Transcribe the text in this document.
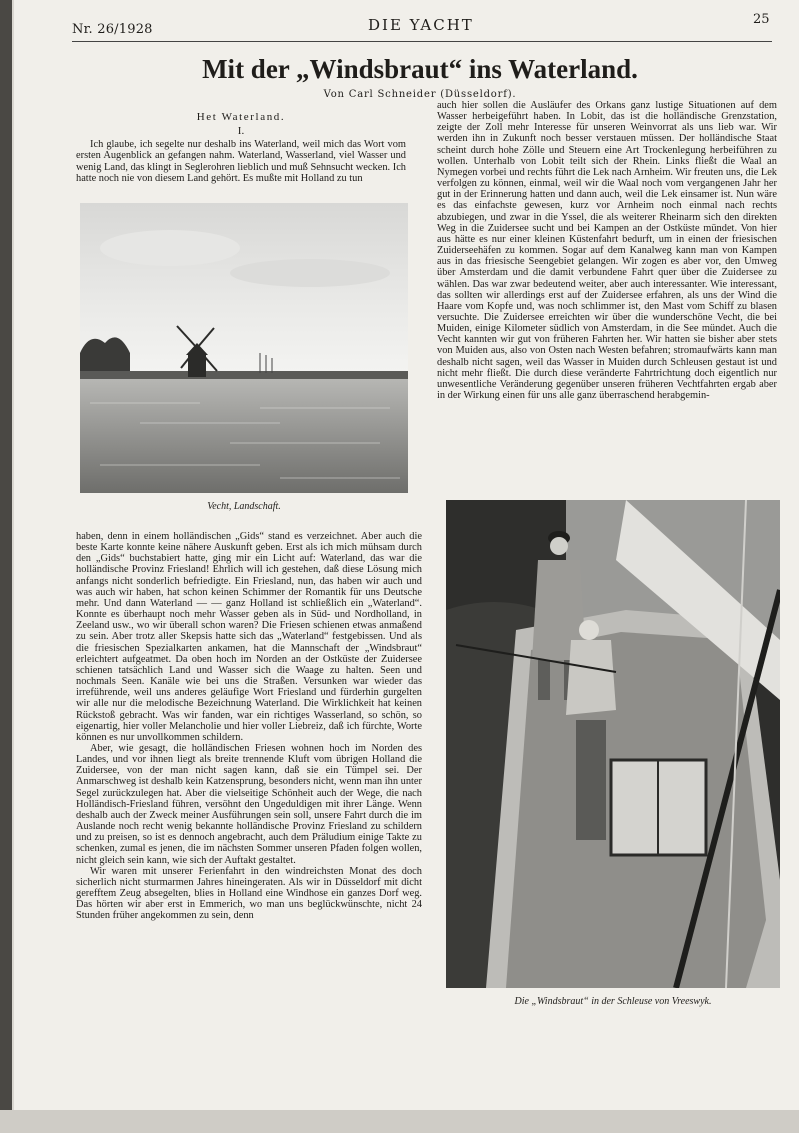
Nr. 26/1928	DIE YACHT	25
Mit der „Windsbraut“ ins Waterland.
Von Carl Schneider (Düsseldorf).
Het Waterland.
I.

Ich glaube, ich segelte nur deshalb ins Waterland, weil mich das Wort vom ersten Augenblick an gefangen nahm. Waterland, Wasserland, viel Wasser und wenig Land, das klingt in Seglerohren lieblich und muß Sehnsucht wecken. Ich hatte noch nie von diesem Land gehört. Es mußte mit Holland zu tun

Vecht, Landschaft.

haben, denn in einem holländischen „Gids“ stand es verzeichnet. Aber auch die beste Karte konnte keine nähere Auskunft geben. Erst als ich mich mühsam durch den „Gids“ buchstabiert hatte, ging mir ein Licht auf: Waterland, das war die holländische Provinz Friesland! Ehrlich will ich gestehen, daß diese Lösung mich anfangs nicht sonderlich befriedigte. Ein Friesland, nun, das haben wir auch und was auch wir haben, hat schon keinen Schimmer der Romantik für uns Deutsche mehr. Und dann Waterland — — ganz Holland ist schließlich ein „Waterland“. Konnte es überhaupt noch mehr Wasser geben als in Süd- und Nordholland, in Zeeland usw., wo wir überall schon waren? Die Friesen schienen etwas anmaßend zu sein. Aber trotz aller Skepsis hatte sich das „Waterland“ festgebissen. Und als die friesischen Spezialkarten ankamen, hat die Mannschaft der „Windsbraut“ erleichtert aufgeatmet. Da oben hoch im Norden an der Ostküste der Zuiderseе schienen tatsächlich Land und Wasser sich die Waage zu halten. Seen und nochmals Seen. Kanäle wie bei uns die Straßen. Versunken war wieder das irreführende, weil uns anderes geläufige Wort Friesland und fürderhin gurgelten wir alle nur die melodische Bezeichnung Waterland. Die Wirklichkeit hat keinen Rückstoß gebracht. Was wir fanden, war ein richtiges Wasserland, so schön, so eigenartig, hier voller Melancholie und hier voller Liebreiz, daß ich fürchte, Worte können es nur unvollkommen schildern.

Aber, wie gesagt, die holländischen Friesen wohnen hoch im Norden des Landes, und vor ihnen liegt als breite trennende Kluft vom übrigen Holland die Zuiderseе, von der man nicht sagen kann, daß sie ein Tümpel sei. Der Anmarschweg ist deshalb kein Katzensprung, besonders nicht, wenn man ihn unter Segel zurückzulegen hat. Aber die vielseitige Schönheit auch der Wege, die nach Holländisch-Friesland führen, versöhnt den Ungeduldigen mit ihrer Länge. Wenn deshalb auch der Zweck meiner Ausführungen sein soll, unsere Fahrt durch die im Auslande noch recht wenig bekannte holländische Provinz Friesland zu schildern und zu preisen, so ist es dennoch angebracht, auch dem Präludium einige Takte zu schenken, zumal es jenen, die im nächsten Sommer unseren Pfaden folgen wollen, nicht gleich sein kann, wie sich der Auftakt gestaltet.

Wir waren mit unserer Ferienfahrt in den windreichsten Monat des doch sicherlich nicht sturmarmen Jahres hineingeraten. Als wir in Düsseldorf mit dicht gerefftem Zeug absegelten, blies in Holland eine Windhose ein ganzes Dorf weg. Das hörten wir aber erst in Emmerich, wo man uns beglückwünschte, nicht 24 Stunden früher angekommen zu sein, denn

auch hier sollen die Ausläufer des Orkans ganz lustige Situationen auf dem Wasser herbeigeführt haben. In Lobit, das ist die holländische Grenzstation, zeigte der Zoll mehr Interesse für unseren Weinvorrat als uns lieb war. Wir werden ihn in Zukunft noch besser verstauen müssen. Der holländische Staat scheint durch hohe Zölle und Steuern eine Art Trockenlegung herbeiführen zu wollen. Unterhalb von Lobit teilt sich der Rhein. Links fließt die Waal an Nymegen vorbei und rechts führt die Lek nach Arnheim. Wir freuten uns, die Lek verfolgen zu können, einmal, weil wir die Waal noch vom vergangenen Jahr her gut in der Erinnerung hatten und dann auch, weil die Lek einsamer ist. Nun wäre es das einfachste gewesen, kurz vor Arnheim noch einmal nach rechts abzubiegen, und zwar in die Yssel, die als weiterer Rheinarm sich den direkten Weg in die Zuiderseе sucht und bei Kampen an der Ostküste mündet. Von hier aus hätte es nur einer kleinen Küstenfahrt bedurft, um in einen der friesischen Zuiderseehäfen zu kommen. Sogar auf dem Kanalweg kann man von Kampen aus in das friesische Seengebiet gelangen. Wir zogen es aber vor, den Umweg über Amsterdam und die damit verbundene Fahrt quer über die Zuiderseе zu wählen. Das war zwar bedeutend weiter, aber auch interessanter. Wie interessant, das sollten wir allerdings erst auf der Zuiderseе erfahren, als uns der Wind die Haare vom Kopfe und, was noch schlimmer ist, den Mast vom Schiff zu blasen versuchte. Die Zuiderseе erreichten wir über die wunderschöne Vecht, die bei Muiden, einige Kilometer südlich von Amsterdam, in die See mündet. Auch die Vecht kannten wir gut von früheren Fahrten her. Wir hatten sie bisher aber stets von Muiden aus, also von Osten nach Westen befahren; stromaufwärts kann man deshalb nicht sagen, weil das Wasser in Muiden durch Schleusen gestaut ist und nicht mehr fließt. Die durch diese veränderte Fahrtrichtung doch eigentlich nur unwesentliche Veränderung gegenüber unseren früheren Vechtfahrten ergab aber in der Wirkung einen für uns alle ganz überraschend herabgemin-

Die „Windsbraut“ in der Schleuse von Vreeswyk.
